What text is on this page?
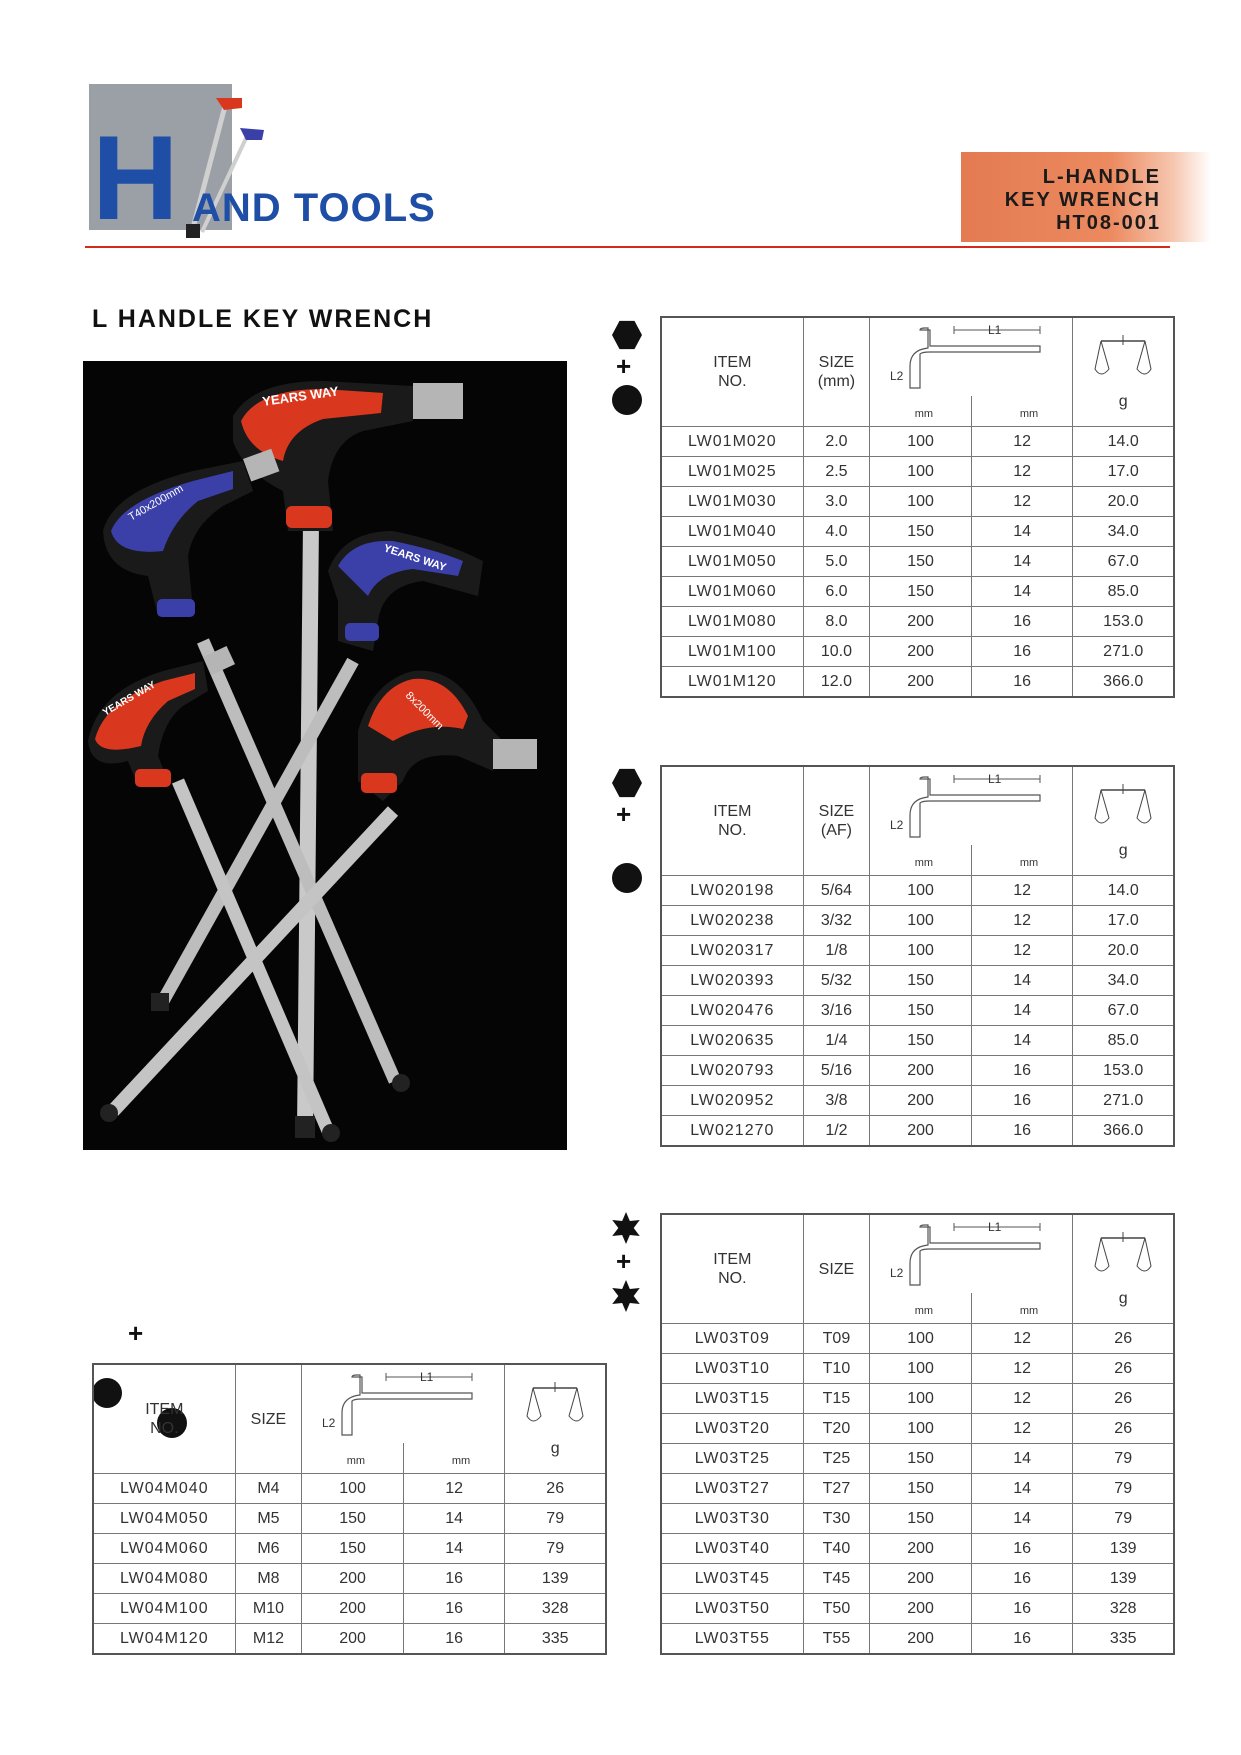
H AND TOOLS
L-HANDLE
KEY WRENCH
HT08-001
L HANDLE KEY WRENCH
YEARS WAY
T40x200mm
YEARS WAY
YEARS WAY	8x200mm
+
+
+
+
ITEM
NO.	SIZE
(mm)	L1
L2
mm mm		g

LW01M020	2.0	100	12	14.0
LW01M025	2.5	100	12	17.0
LW01M030	3.0	100	12	20.0
LW01M040	4.0	150	14	34.0
LW01M050	5.0	150	14	67.0
LW01M060	6.0	150	14	85.0
LW01M080	8.0	200	16	153.0
LW01M100	10.0	200	16	271.0
LW01M120	12.0	200	16	366.0
ITEM
NO.	SIZE
(AF)	L1
L2
mm mm		g

LW020198	5/64	100	12	14.0
LW020238	3/32	100	12	17.0
LW020317	1/8	100	12	20.0
LW020393	5/32	150	14	34.0
LW020476	3/16	150	14	67.0
LW020635	1/4	150	14	85.0
LW020793	5/16	200	16	153.0
LW020952	3/8	200	16	271.0
LW021270	1/2	200	16	366.0
ITEM
NO.	SIZE	L1
L2
mm mm		g

LW03T09	T09	100	12	26
LW03T10	T10	100	12	26
LW03T15	T15	100	12	26
LW03T20	T20	100	12	26
LW03T25	T25	150	14	79
LW03T27	T27	150	14	79
LW03T30	T30	150	14	79
LW03T40	T40	200	16	139
LW03T45	T45	200	16	139
LW03T50	T50	200	16	328
LW03T55	T55	200	16	335
ITEM
NO.	SIZE	L1
L2
mm mm		g

LW04M040	M4	100	12	26
LW04M050	M5	150	14	79
LW04M060	M6	150	14	79
LW04M080	M8	200	16	139
LW04M100	M10	200	16	328
LW04M120	M12	200	16	335
